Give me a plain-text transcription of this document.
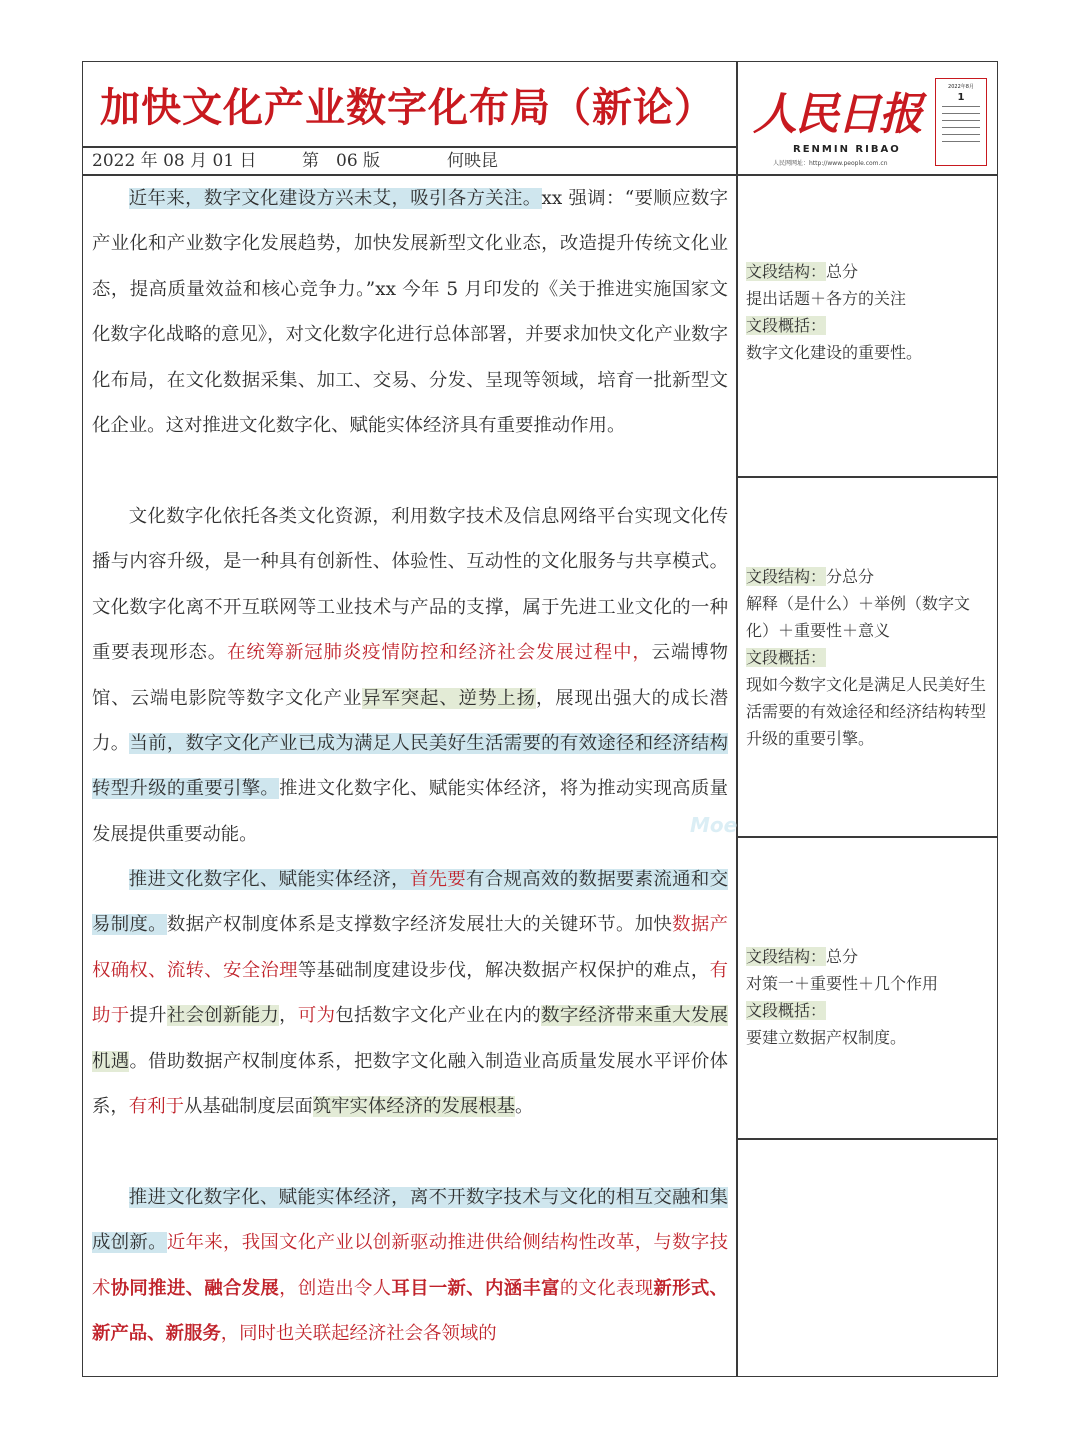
加快文化产业数字化布局（新论）
2022 年 08 月 01 日	第　06 版	何映昆
人民日报
RENMIN RIBAO
人民网网址：http://www.people.com.cn
2022年8月
1

近年来，数字文化建设方兴未艾，吸引各方关注。xx 强调：“要顺应数字产业化和产业数字化发展趋势，加快发展新型文化业态，改造提升传统文化业态，提高质量效益和核心竞争力。”xx 今年 5 月印发的《关于推进实施国家文化数字化战略的意见》，对文化数字化进行总体部署，并要求加快文化产业数字化布局，在文化数据采集、加工、交易、分发、呈现等领域，培育一批新型文化企业。这对推进文化数字化、赋能实体经济具有重要推动作用。

文化数字化依托各类文化资源，利用数字技术及信息网络平台实现文化传播与内容升级，是一种具有创新性、体验性、互动性的文化服务与共享模式。文化数字化离不开互联网等工业技术与产品的支撑，属于先进工业文化的一种重要表现形态。在统筹新冠肺炎疫情防控和经济社会发展过程中，云端博物馆、云端电影院等数字文化产业异军突起、逆势上扬，展现出强大的成长潜力。当前，数字文化产业已成为满足人民美好生活需要的有效途径和经济结构转型升级的重要引擎。推进文化数字化、赋能实体经济，将为推动实现高质量发展提供重要动能。

推进文化数字化、赋能实体经济，首先要有合规高效的数据要素流通和交易制度。数据产权制度体系是支撑数字经济发展壮大的关键环节。加快数据产权确权、流转、安全治理等基础制度建设步伐，解决数据产权保护的难点，有助于提升社会创新能力，可为包括数字文化产业在内的数字经济带来重大发展机遇。借助数据产权制度体系，把数字文化融入制造业高质量发展水平评价体系，有利于从基础制度层面筑牢实体经济的发展根基。

推进文化数字化、赋能实体经济，离不开数字技术与文化的相互交融和集成创新。近年来，我国文化产业以创新驱动推进供给侧结构性改革，与数字技术协同推进、融合发展，创造出令人耳目一新、内涵丰富的文化表现新形式、新产品、新服务，同时也关联起经济社会各领域的

文段结构：总分
提出话题＋各方的关注
文段概括：
数字文化建设的重要性。
文段结构：分总分
解释（是什么）＋举例（数字文化）＋重要性＋意义
文段概括：
现如今数字文化是满足人民美好生活需要的有效途径和经济结构转型升级的重要引擎。
文段结构：总分
对策一＋重要性＋几个作用
文段概括：
要建立数据产权制度。
Moe
